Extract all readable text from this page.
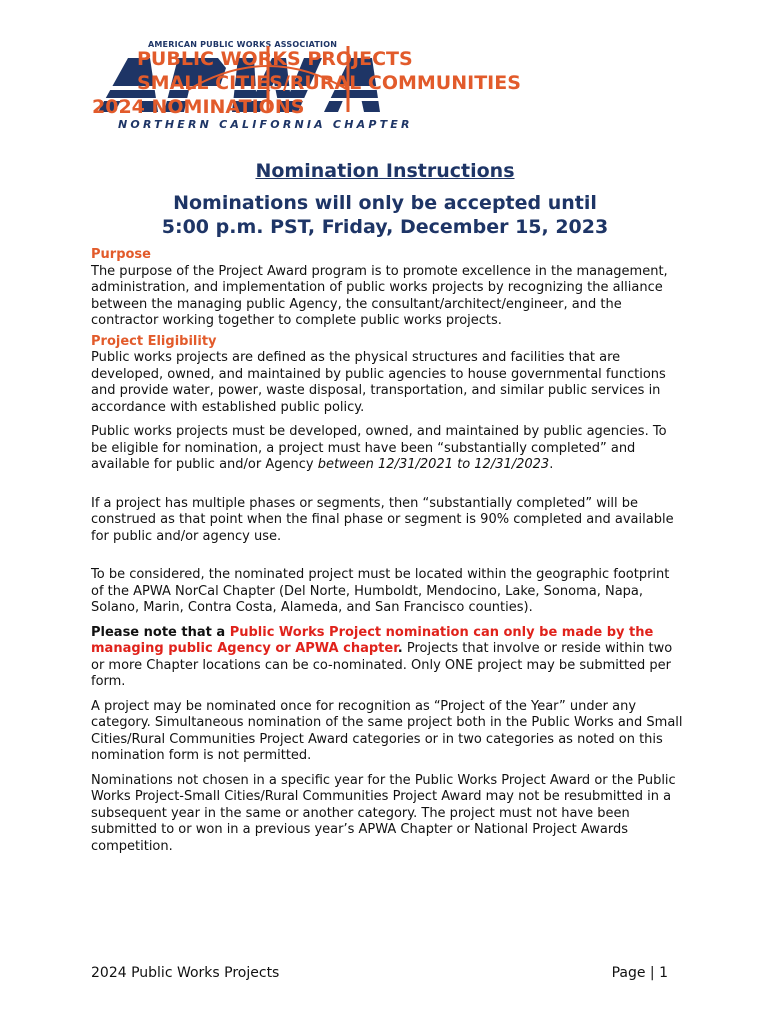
AMERICAN PUBLIC WORKS ASSOCIATION
NORTHERN CALIFORNIA CHAPTER
PUBLIC WORKS PROJECTS
SMALL CITIES/RURAL COMMUNITIES
2024 NOMINATIONS
Nomination Instructions
Nominations will only be accepted until
5:00 p.m. PST, Friday, December 15, 2023
Purpose

The purpose of the Project Award program is to promote excellence in the management, administration, and implementation of public works projects by recognizing the alliance between the managing public Agency, the consultant/architect/engineer, and the contractor working together to complete public works projects.

Project Eligibility

Public works projects are defined as the physical structures and facilities that are developed, owned, and maintained by public agencies to house governmental functions and provide water, power, waste disposal, transportation, and similar public services in accordance with established public policy.

Public works projects must be developed, owned, and maintained by public agencies. To be eligible for nomination, a project must have been “substantially completed” and available for public and/or Agency between 12/31/2021 to 12/31/2023.

If a project has multiple phases or segments, then “substantially completed” will be construed as that point when the final phase or segment is 90% completed and available for public and/or agency use.

To be considered, the nominated project must be located within the geographic footprint of the APWA NorCal Chapter (Del Norte, Humboldt, Mendocino, Lake, Sonoma, Napa, Solano, Marin, Contra Costa, Alameda, and San Francisco counties).

Please note that a Public Works Project nomination can only be made by the managing public Agency or APWA chapter. Projects that involve or reside within two or more Chapter locations can be co-nominated. Only ONE project may be submitted per form.

A project may be nominated once for recognition as “Project of the Year” under any category. Simultaneous nomination of the same project both in the Public Works and Small Cities/Rural Communities Project Award categories or in two categories as noted on this nomination form is not permitted.

Nominations not chosen in a specific year for the Public Works Project Award or the Public Works Project-Small Cities/Rural Communities Project Award may not be resubmitted in a subsequent year in the same or another category. The project must not have been submitted to or won in a previous year’s APWA Chapter or National Project Awards competition.

2024 Public Works Projects	Page | 1
